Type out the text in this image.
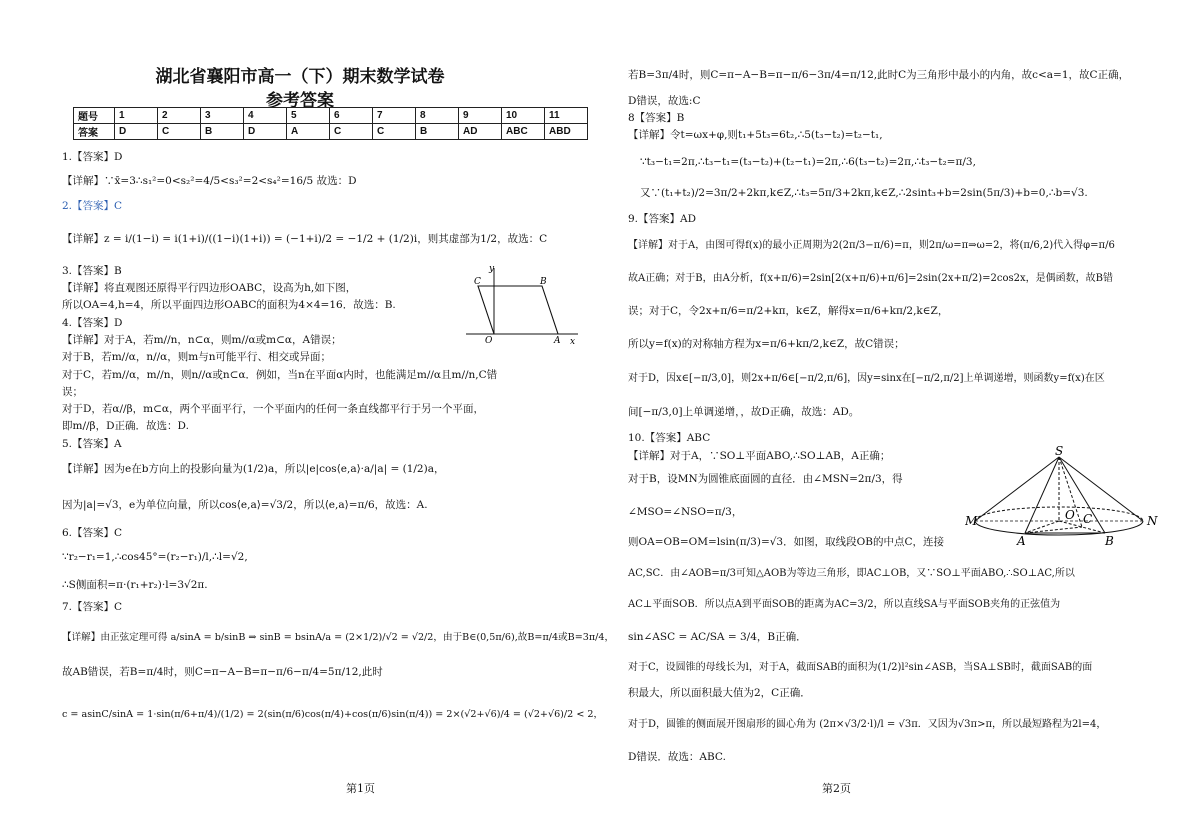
湖北省襄阳市高一（下）期末数学试卷
参考答案
题号	1	2	3	4	5	6	7	8	9	10	11
答案	D	C	B	D	A	C	C	B	AD	ABC	ABD
1.【答案】D
【详解】∵x̄=3∴s₁²=0<s₂²=4/5<s₃²=2<s₄²=16/5 故选：D
2.【答案】C
【详解】z = i/(1−i) = i(1+i)/((1−i)(1+i)) = (−1+i)/2 = −1/2 + (1/2)i，则其虚部为1/2，故选：C
3.【答案】B
【详解】将直观图还原得平行四边形OABC，设高为h,如下图，
所以OA=4,h=4，所以平面四边形OABC的面积为4×4=16．故选：B.
4.【答案】D
【详解】对于A，若m//n，n⊂α，则m//α或m⊂α，A错误；
对于B，若m//α，n//α，则m与n可能平行、相交或异面；
对于C，若m//α，m//n，则n//α或n⊂α．例如，当n在平面α内时，也能满足m//α且m//n,C错
误；
对于D，若α//β，m⊂α，两个平面平行，一个平面内的任何一条直线都平行于另一个平面，
即m//β，D正确．故选：D.
5.【答案】A
【详解】因为e在b方向上的投影向量为(1/2)a，所以|e|cos⟨e,a⟩·a/|a| = (1/2)a，
因为|a|=√3，e为单位向量，所以cos⟨e,a⟩=√3/2，所以⟨e,a⟩=π/6，故选：A.
6.【答案】C
∵r₂−r₁=1,∴cos45°=(r₂−r₁)/l,∴l=√2,
∴S侧面积=π·(r₁+r₂)·l=3√2π.
7.【答案】C
【详解】由正弦定理可得 a/sinA = b/sinB ⇒ sinB = bsinA/a = (2×1/2)/√2 = √2/2，由于B∈(0,5π/6),故B=π/4或B=3π/4，
故AB错误，若B=π/4时，则C=π−A−B=π−π/6−π/4=5π/12,此时
c = asinC/sinA = 1·sin(π/6+π/4)/(1/2) = 2(sin(π/6)cos(π/4)+cos(π/6)sin(π/4)) = 2×(√2+√6)/4 = (√2+√6)/2 < 2，
y
x
C	B
O	A
第1页
若B=3π/4时，则C=π−A−B=π−π/6−3π/4=π/12,此时C为三角形中最小的内角，故c<a=1，故C正确，
D错误，故选:C
8【答案】B
【详解】令t=ωx+φ,则t₁+5t₃=6t₂,∴5(t₃−t₂)=t₂−t₁,
∵t₃−t₁=2π,∴t₃−t₁=(t₃−t₂)+(t₂−t₁)=2π,∴6(t₃−t₂)=2π,∴t₃−t₂=π/3,
又∵(t₁+t₂)/2=3π/2+2kπ,k∈Z,∴t₃=5π/3+2kπ,k∈Z,∴2sint₃+b=2sin(5π/3)+b=0,∴b=√3.
9.【答案】AD
【详解】对于A，由图可得f(x)的最小正周期为2(2π/3−π/6)=π，则2π/ω=π⇒ω=2，将(π/6,2)代入得φ=π/6
故A正确；对于B，由A分析，f(x+π/6)=2sin[2(x+π/6)+π/6]=2sin(2x+π/2)=2cos2x，是偶函数，故B错
误；对于C，令2x+π/6=π/2+kπ，k∈Z，解得x=π/6+kπ/2,k∈Z，
所以y=f(x)的对称轴方程为x=π/6+kπ/2,k∈Z，故C错误；
对于D，因x∈[−π/3,0]，则2x+π/6∈[−π/2,π/6]，因y=sinx在[−π/2,π/2]上单调递增，则函数y=f(x)在区
间[−π/3,0]上单调递增，，故D正确，故选：AD。
10.【答案】ABC
【详解】对于A，∵SO⊥平面ABO,∴SO⊥AB，A正确；
对于B，设MN为圆锥底面圆的直径．由∠MSN=2π/3，得
∠MSO=∠NSO=π/3，
则OA=OB=OM=lsin(π/3)=√3．如图，取线段OB的中点C，连接
AC,SC．由∠AOB=π/3可知△AOB为等边三角形，即AC⊥OB，又∵SO⊥平面ABO,∴SO⊥AC,所以
AC⊥平面SOB．所以点A到平面SOB的距离为AC=3/2，所以直线SA与平面SOB夹角的正弦值为
sin∠ASC = AC/SA = 3/4，B正确．
对于C，设圆锥的母线长为l，对于A，截面SAB的面积为(1/2)l²sin∠ASB，当SA⊥SB时，截面SAB的面
积最大，所以面积最大值为2，C正确．
对于D，圆锥的侧面展开图扇形的圆心角为 (2π×√3/2·l)/l = √3π．又因为√3π>π，所以最短路程为2l=4，
D错误．故选：ABC.
S
M	O C	N
A	B
第2页
